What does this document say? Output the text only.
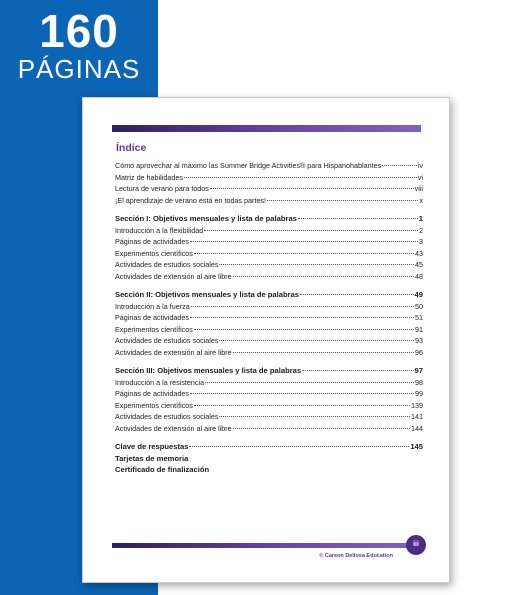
160
PÁGINAS
Índice
Cómo aprovechar al máximo las Summer Bridge Activities® para Hispanohablantes	iv
Matriz de habilidades	vi
Lectura de verano para todos	viii
¡El aprendizaje de verano está en todas partes!	x
Sección I: Objetivos mensuales y lista de palabras	1
Introducción a la flexibilidad	2
Páginas de actividades	3
Experimentos científicos	43
Actividades de estudios sociales	45
Actividades de extensión al aire libre	48
Sección II: Objetivos mensuales y lista de palabras	49
Introducción a la fuerza	50
Páginas de actividades	51
Experimentos científicos	91
Actividades de estudios sociales	93
Actividades de extensión al aire libre	96
Sección III: Objetivos mensuales y lista de palabras	97
Introducción a la resistencia	98
Páginas de actividades	99
Experimentos científicos	139
Actividades de estudios sociales	141
Actividades de extensión al aire libre	144
Clave de respuestas	145
Tarjetas de memoria
Certificado de finalización
© Carson Dellosa Education
iii
